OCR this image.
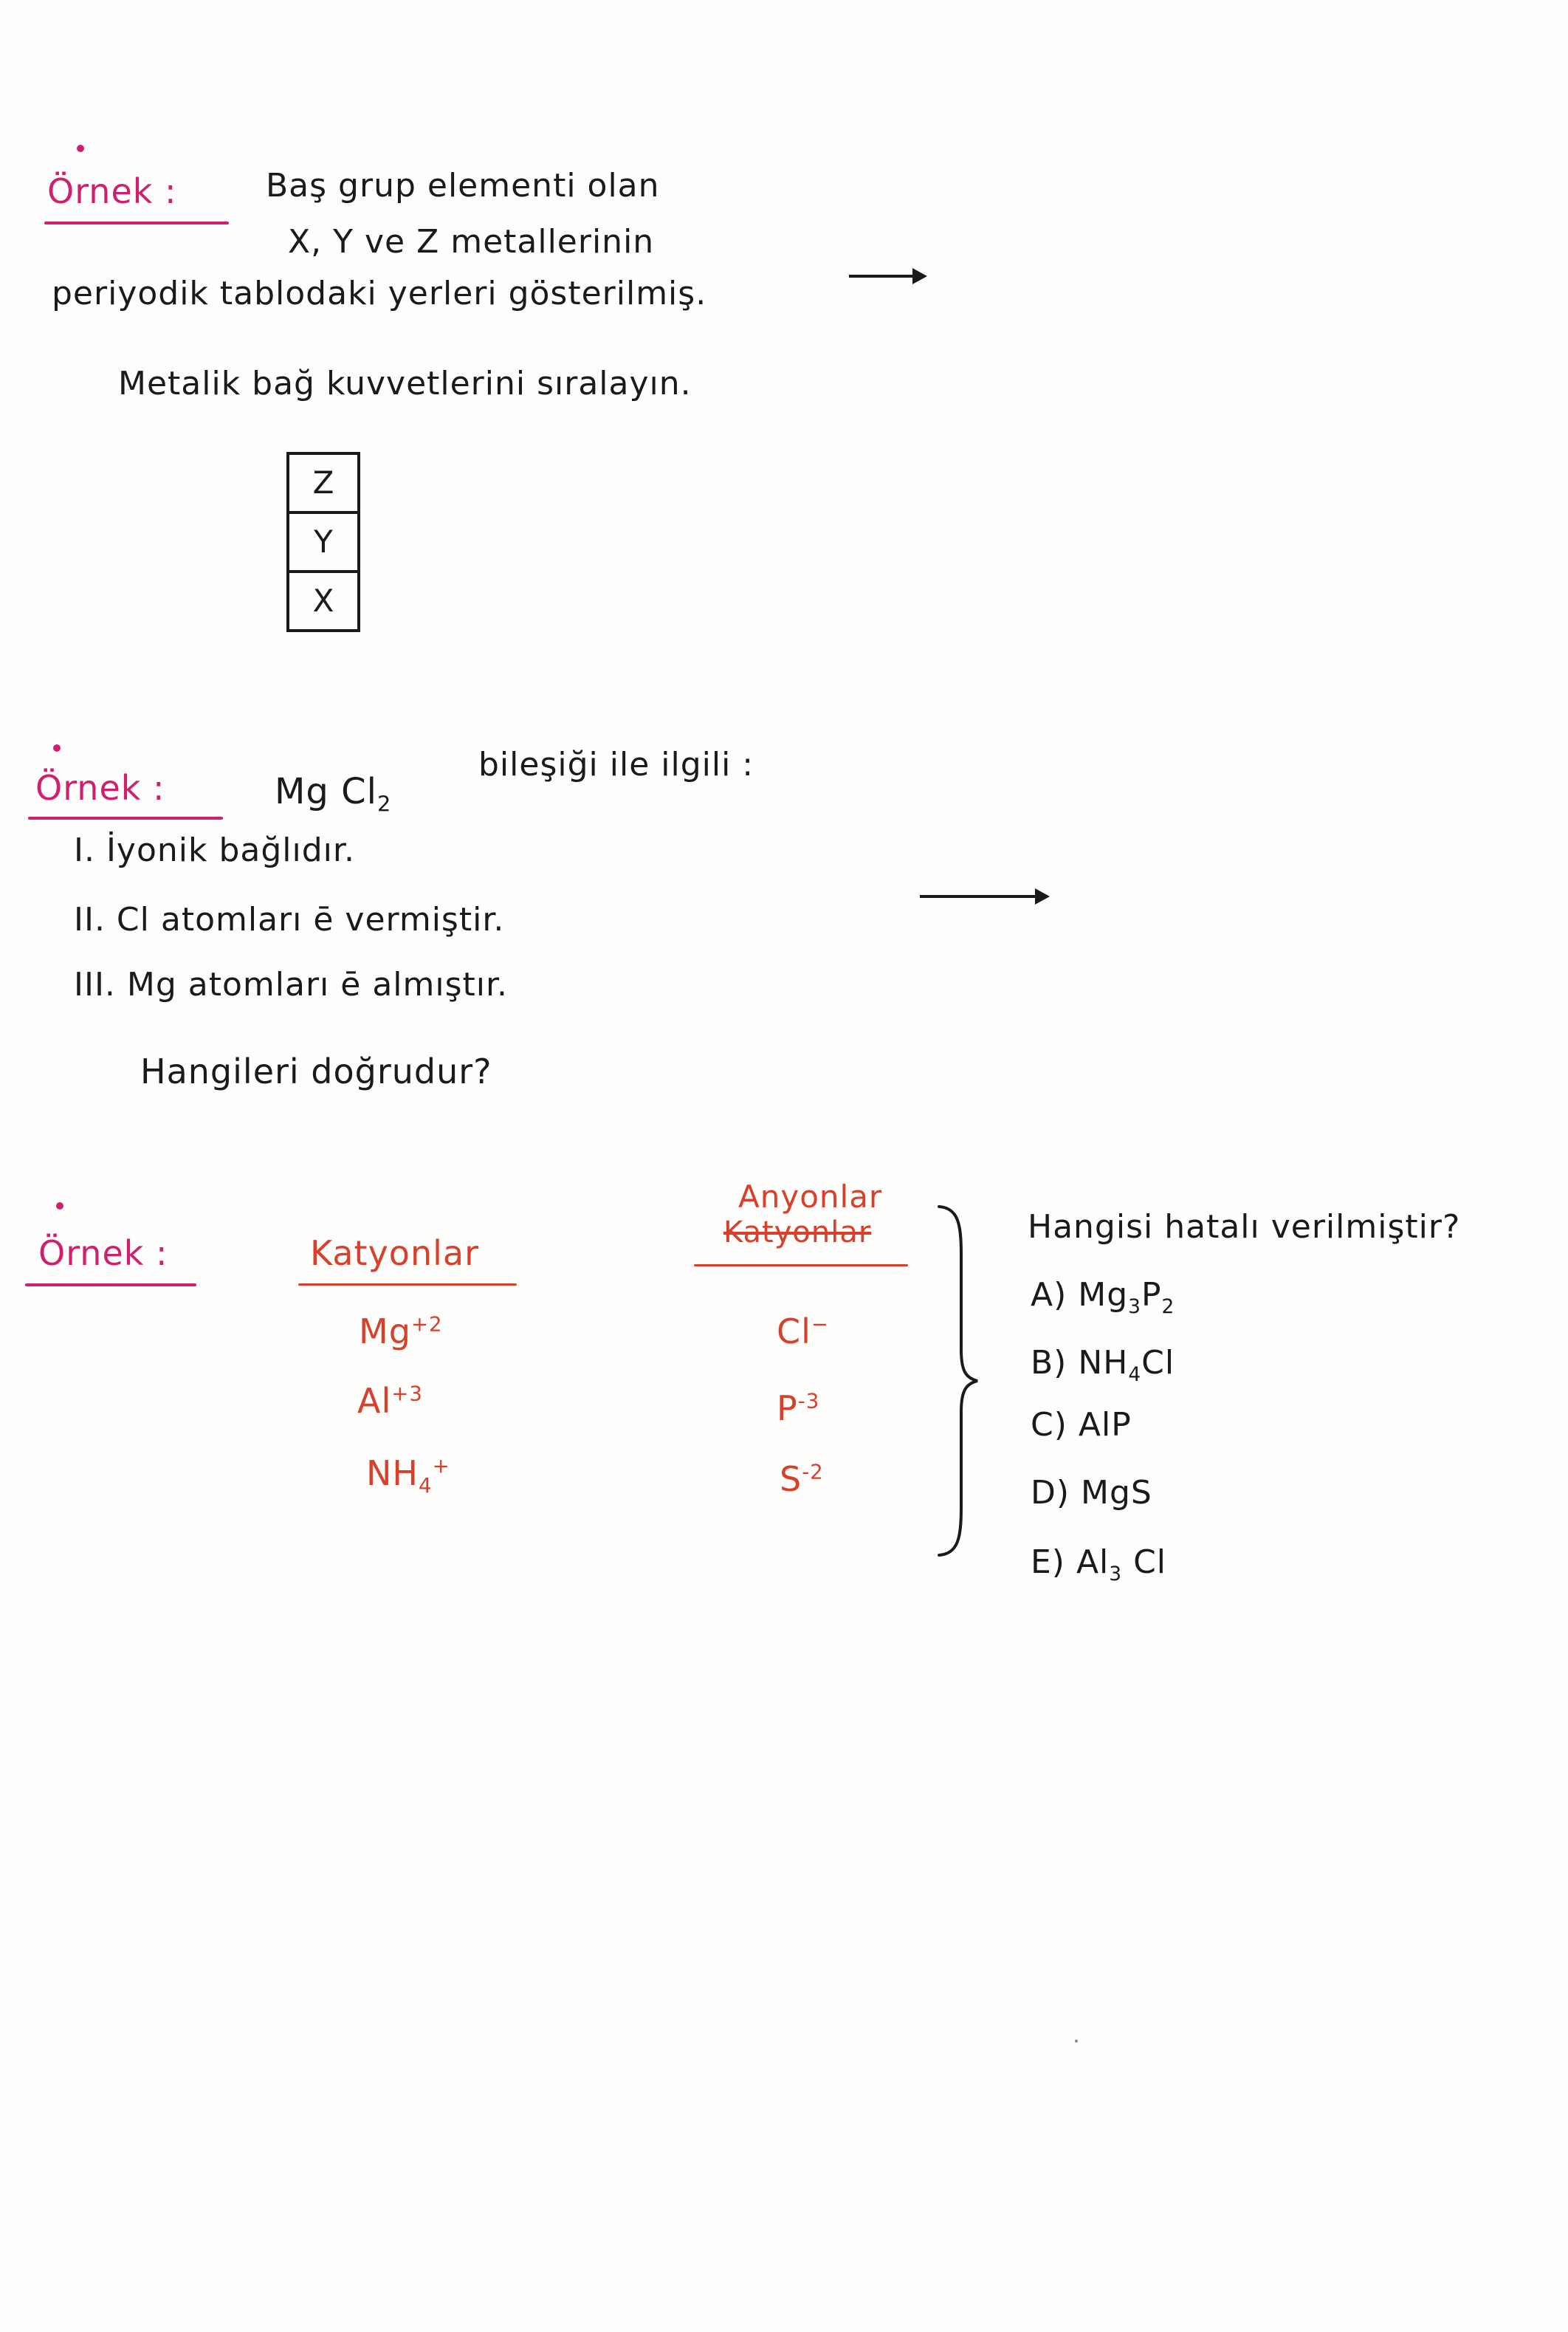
Örnek :	Baş grup elementi olan
X, Y ve Z metallerinin
periyodik tablodaki yerleri gösterilmiş.
Metalik bağ kuvvetlerini sıralayın.
Z
Y
X
Örnek :	Mg $Cl_2$
bileşiği ile ilgili :
I. İyonik bağlıdır.
II. Cl atomları ē vermiştir.
III. Mg atomları ē almıştır.
Hangileri doğrudur?
Örnek :	Katyonlar
$Mg^{+2}$
$Al^{+3}$
$NH_4^+$
Anyonlar
Katyonlar
Cl−
$P^{-3}$
$S^{-2}$
Hangisi hatalı verilmiştir?
A) $Mg_3P_2$
B) $NH_4Cl$
C) AlP
D) MgS
E) $Al_3$ Cl
